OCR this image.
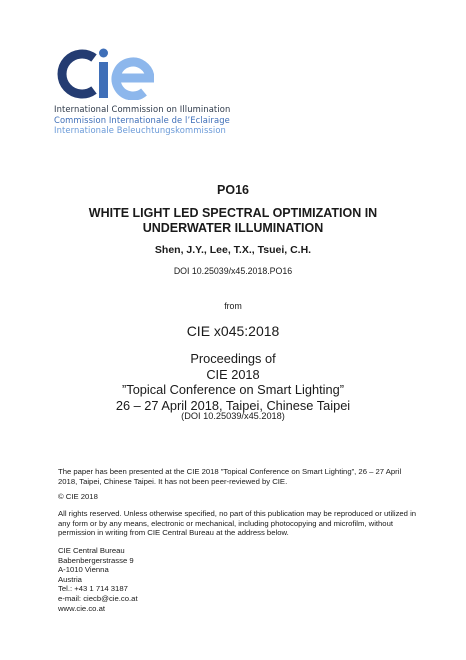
International Commission on Illumination
Commission Internationale de l’Eclairage
Internationale Beleuchtungskommission
PO16
WHITE LIGHT LED SPECTRAL OPTIMIZATION IN
UNDERWATER ILLUMINATION
Shen, J.Y., Lee, T.X., Tsuei, C.H.
DOI 10.25039/x45.2018.PO16
from
CIE x045:2018
Proceedings of
CIE 2018
”Topical Conference on Smart Lighting”
26 – 27 April 2018, Taipei, Chinese Taipei
(DOI 10.25039/x45.2018)
The paper has been presented at the CIE 2018 ”Topical Conference on Smart Lighting”, 26 – 27 April 2018, Taipei, Chinese Taipei. It has not been peer-reviewed by CIE.
© CIE 2018
All rights reserved. Unless otherwise specified, no part of this publication may be reproduced or utilized in any form or by any means, electronic or mechanical, including photocopying and microfilm, without permission in writing from CIE Central Bureau at the address below.
CIE Central Bureau
Babenbergerstrasse 9
A-1010 Vienna
Austria
Tel.: +43 1 714 3187
e-mail: ciecb@cie.co.at
www.cie.co.at
